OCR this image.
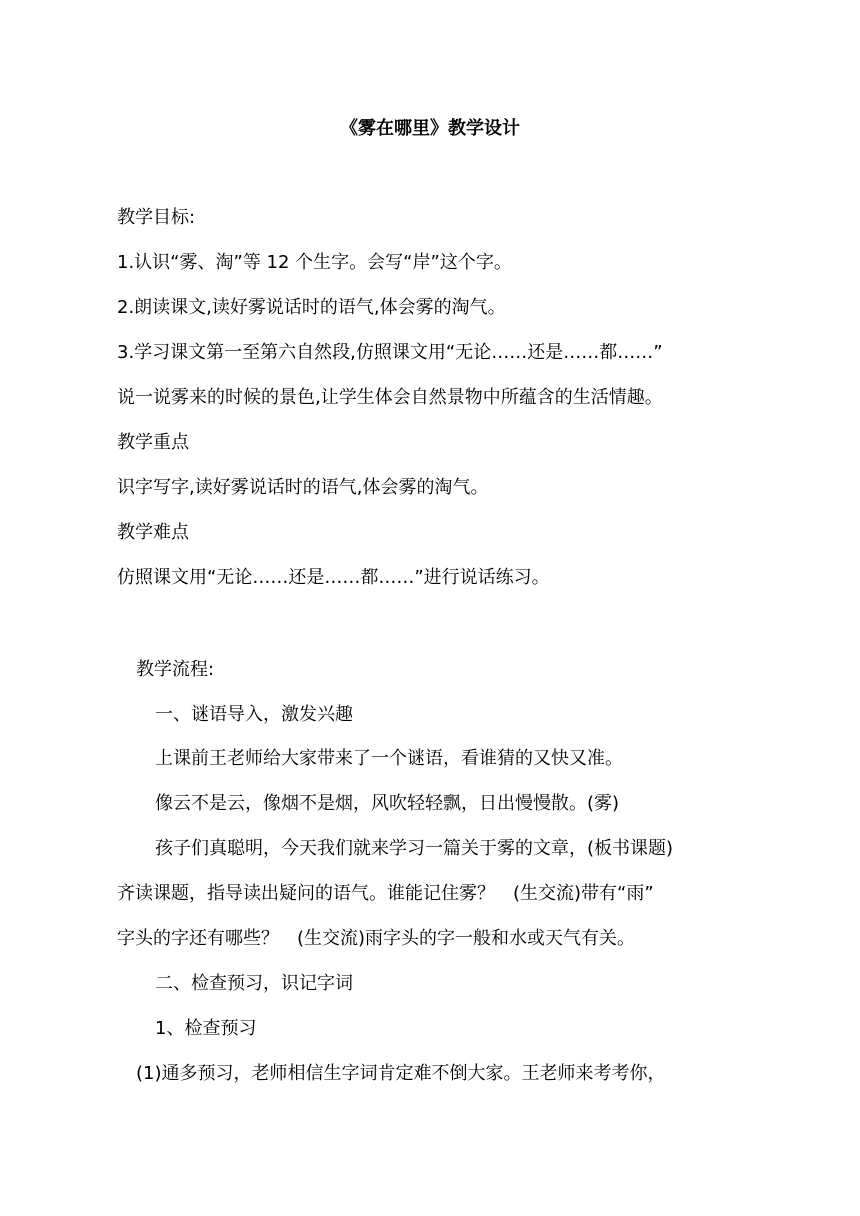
《雾在哪里》教学设计
教学目标:
1.认识“雾、淘”等 12 个生字。会写“岸”这个字。
2.朗读课文,读好雾说话时的语气,体会雾的淘气。
3.学习课文第一至第六自然段,仿照课文用“无论……还是……都……”
说一说雾来的时候的景色,让学生体会自然景物中所蕴含的生活情趣。
教学重点
识字写字,读好雾说话时的语气,体会雾的淘气。
教学难点
仿照课文用“无论……还是……都……”进行说话练习。
教学流程:
一、谜语导入，激发兴趣
上课前王老师给大家带来了一个谜语，看谁猜的又快又准。
像云不是云，像烟不是烟，风吹轻轻飘，日出慢慢散。(雾)
孩子们真聪明，今天我们就来学习一篇关于雾的文章，(板书课题)
齐读课题，指导读出疑问的语气。谁能记住雾？　(生交流)带有“雨”
字头的字还有哪些？　(生交流)雨字头的字一般和水或天气有关。
二、检查预习，识记字词
1、检查预习
(1)通多预习，老师相信生字词肯定难不倒大家。王老师来考考你，
